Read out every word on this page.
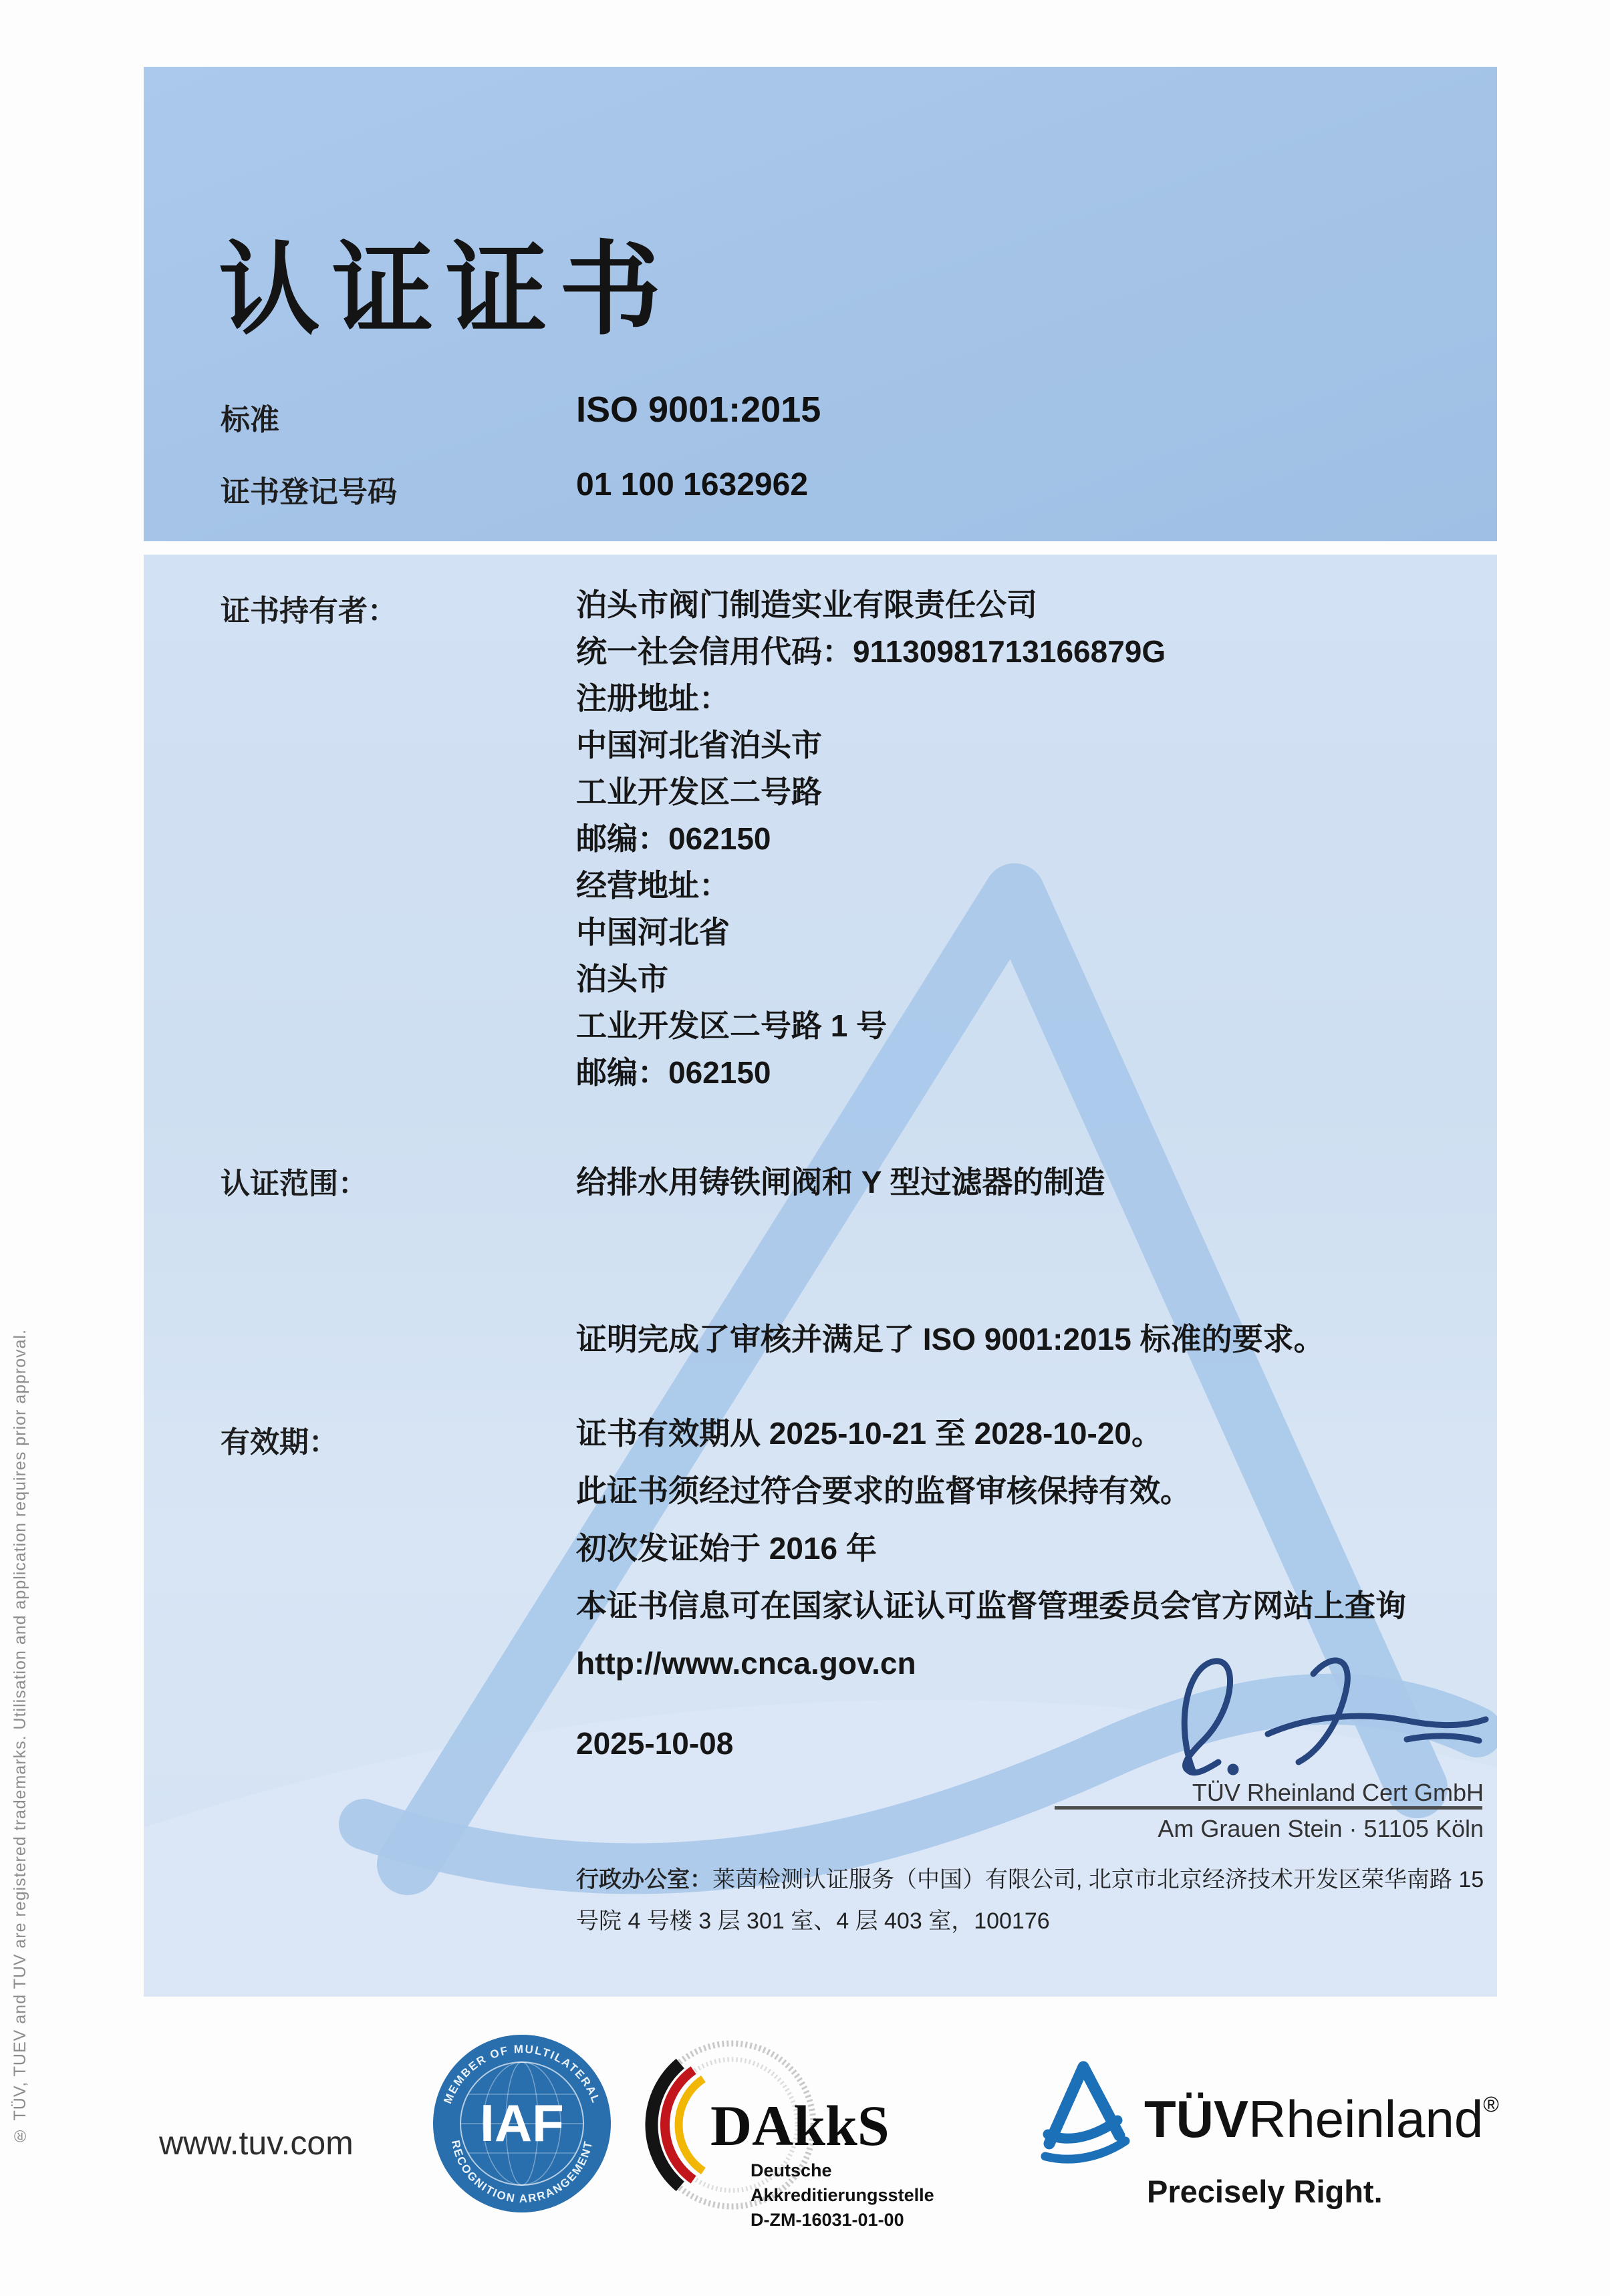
® TÜV, TUEV and TUV are registered trademarks. Utilisation and application requires prior approval.
认证证书
标准	ISO 9001:2015
证书登记号码	01 100 1632962
证书持有者：	泊头市阀门制造实业有限责任公司
统一社会信用代码：91130981713166879G
注册地址：
中国河北省泊头市
工业开发区二号路
邮编：062150
经营地址：
中国河北省
泊头市
工业开发区二号路 1 号
邮编：062150
认证范围：	给排水用铸铁闸阀和 Y 型过滤器的制造
证明完成了审核并满足了 ISO 9001:2015 标准的要求。
有效期：	证书有效期从 2025-10-21 至 2028-10-20。
此证书须经过符合要求的监督审核保持有效。
初次发证始于 2016 年
本证书信息可在国家认证认可监督管理委员会官方网站上查询
http://www.cnca.gov.cn
2025-10-08
TÜV Rheinland Cert GmbH
Am Grauen Stein · 51105 Köln
行政办公室：莱茵检测认证服务（中国）有限公司, 北京市北京经济技术开发区荣华南路 15 号院 4 号楼 3 层 301 室、4 层 403 室，100176
www.tuv.com
MEMBER OF MULTILATERAL
RECOGNITION ARRANGEMENT
IAF	DAkkS
Deutsche
Akkreditierungsstelle
D-ZM-16031-01-00
TÜVRheinland®
Precisely Right.
